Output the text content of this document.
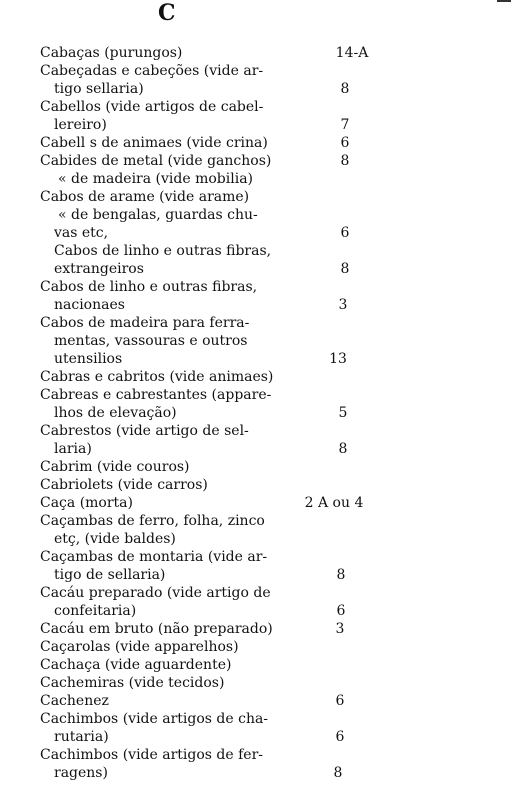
C
Cabaças (purungos)	14-A
Cabeçadas e cabeções (vide ar-
tigo sellaria)	8
Cabellos (vide artigos de cabel-
lereiro)	7
Cabell s de animaes (vide crina)	6
Cabides de metal (vide ganchos)	8
« de madeira (vide mobilia)
Cabos de arame (vide arame)
« de bengalas, guardas chu-
vas etc,	6
Cabos de linho e outras fibras,
extrangeiros	8
Cabos de linho e outras fibras,
nacionaes	3
Cabos de madeira para ferra-
mentas, vassouras e outros
utensilios	13
Cabras e cabritos (vide animaes)
Cabreas e cabrestantes (appare-
lhos de elevação)	5
Cabrestos (vide artigo de sel-
laria)	8
Cabrim (vide couros)
Cabriolets (vide carros)
Caça (morta)	2 A ou 4
Caçambas de ferro, folha, zinco
etç, (vide baldes)
Caçambas de montaria (vide ar-
tigo de sellaria)	8
Cacáu preparado (vide artigo de
confeitaria)	6
Cacáu em bruto (não preparado)	3
Caçarolas (vide apparelhos)
Cachaça (vide aguardente)
Cachemiras (vide tecidos)
Cachenez	6
Cachimbos (vide artigos de cha-
rutaria)	6
Cachimbos (vide artigos de fer-
ragens)	8
